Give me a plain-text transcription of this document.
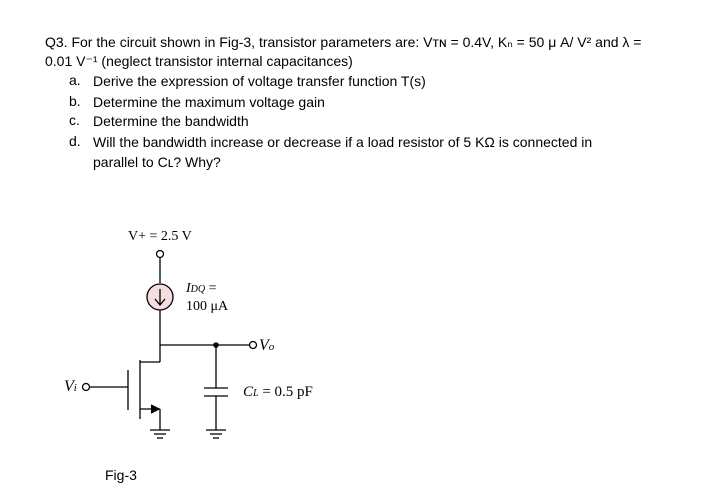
Q3. For the circuit shown in Fig-3, transistor parameters are: Vᴛɴ = 0.4V, Kₙ = 50 μ A/ V² and λ =

0.01 V⁻¹ (neglect transistor internal capacitances)

a. Derive the expression of voltage transfer function T(s)
b. Determine the maximum voltage gain
c. Determine the bandwidth
d. Will the bandwidth increase or decrease if a load resistor of 5 KΩ is connected in
parallel to Cʟ? Why?
V+ = 2.5 V
IDQ =
100 μA
Vo
Vi	CL = 0.5 pF
Fig-3
